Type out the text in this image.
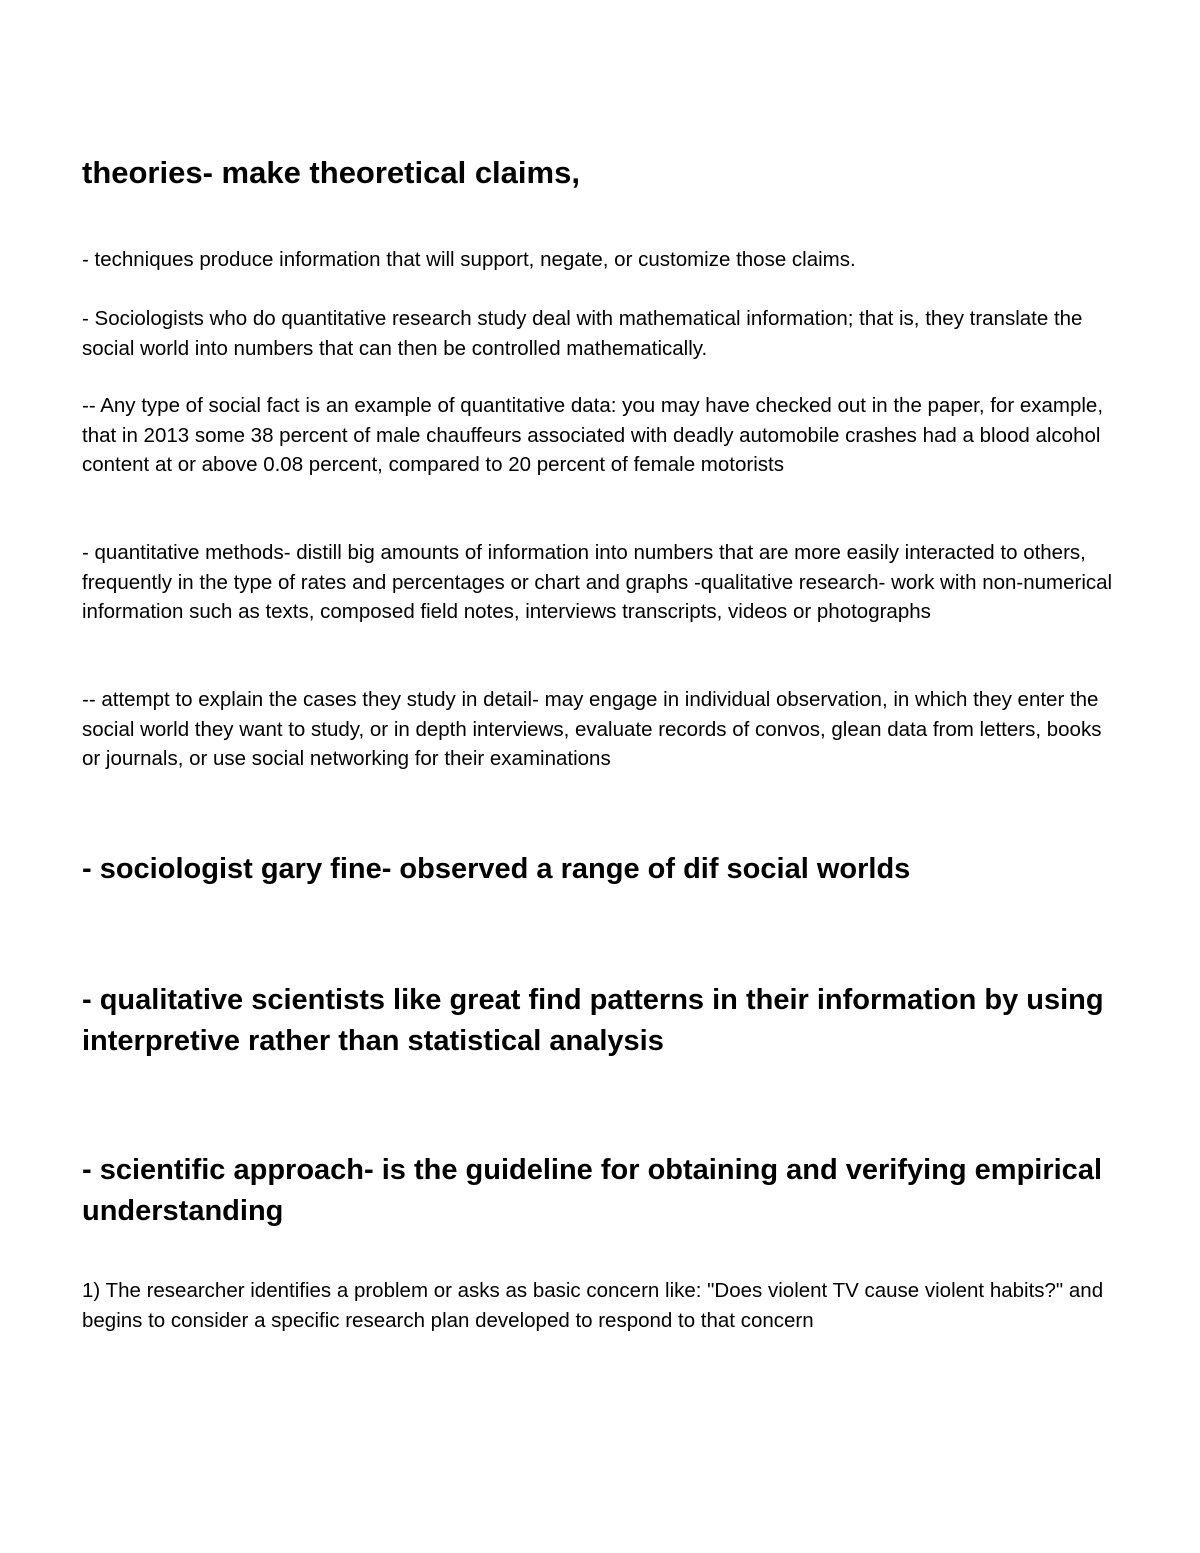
theories- make theoretical claims,

- techniques produce information that will support, negate, or customize those claims.

- Sociologists who do quantitative research study deal with mathematical information; that is, they translate the social world into numbers that can then be controlled mathematically.

-- Any type of social fact is an example of quantitative data: you may have checked out in the paper, for example, that in 2013 some 38 percent of male chauffeurs associated with deadly automobile crashes had a blood alcohol content at or above 0.08 percent, compared to 20 percent of female motorists

- quantitative methods- distill big amounts of information into numbers that are more easily interacted to others, frequently in the type of rates and percentages or chart and graphs -qualitative research- work with non-numerical information such as texts, composed field notes, interviews transcripts, videos or photographs

-- attempt to explain the cases they study in detail- may engage in individual observation, in which they enter the social world they want to study, or in depth interviews, evaluate records of convos, glean data from letters, books or journals, or use social networking for their examinations

- sociologist gary fine- observed a range of dif social worlds

- qualitative scientists like great find patterns in their information by using interpretive rather than statistical analysis

- scientific approach- is the guideline for obtaining and verifying empirical understanding

1) The researcher identifies a problem or asks as basic concern like: "Does violent TV cause violent habits?" and begins to consider a specific research plan developed to respond to that concern
